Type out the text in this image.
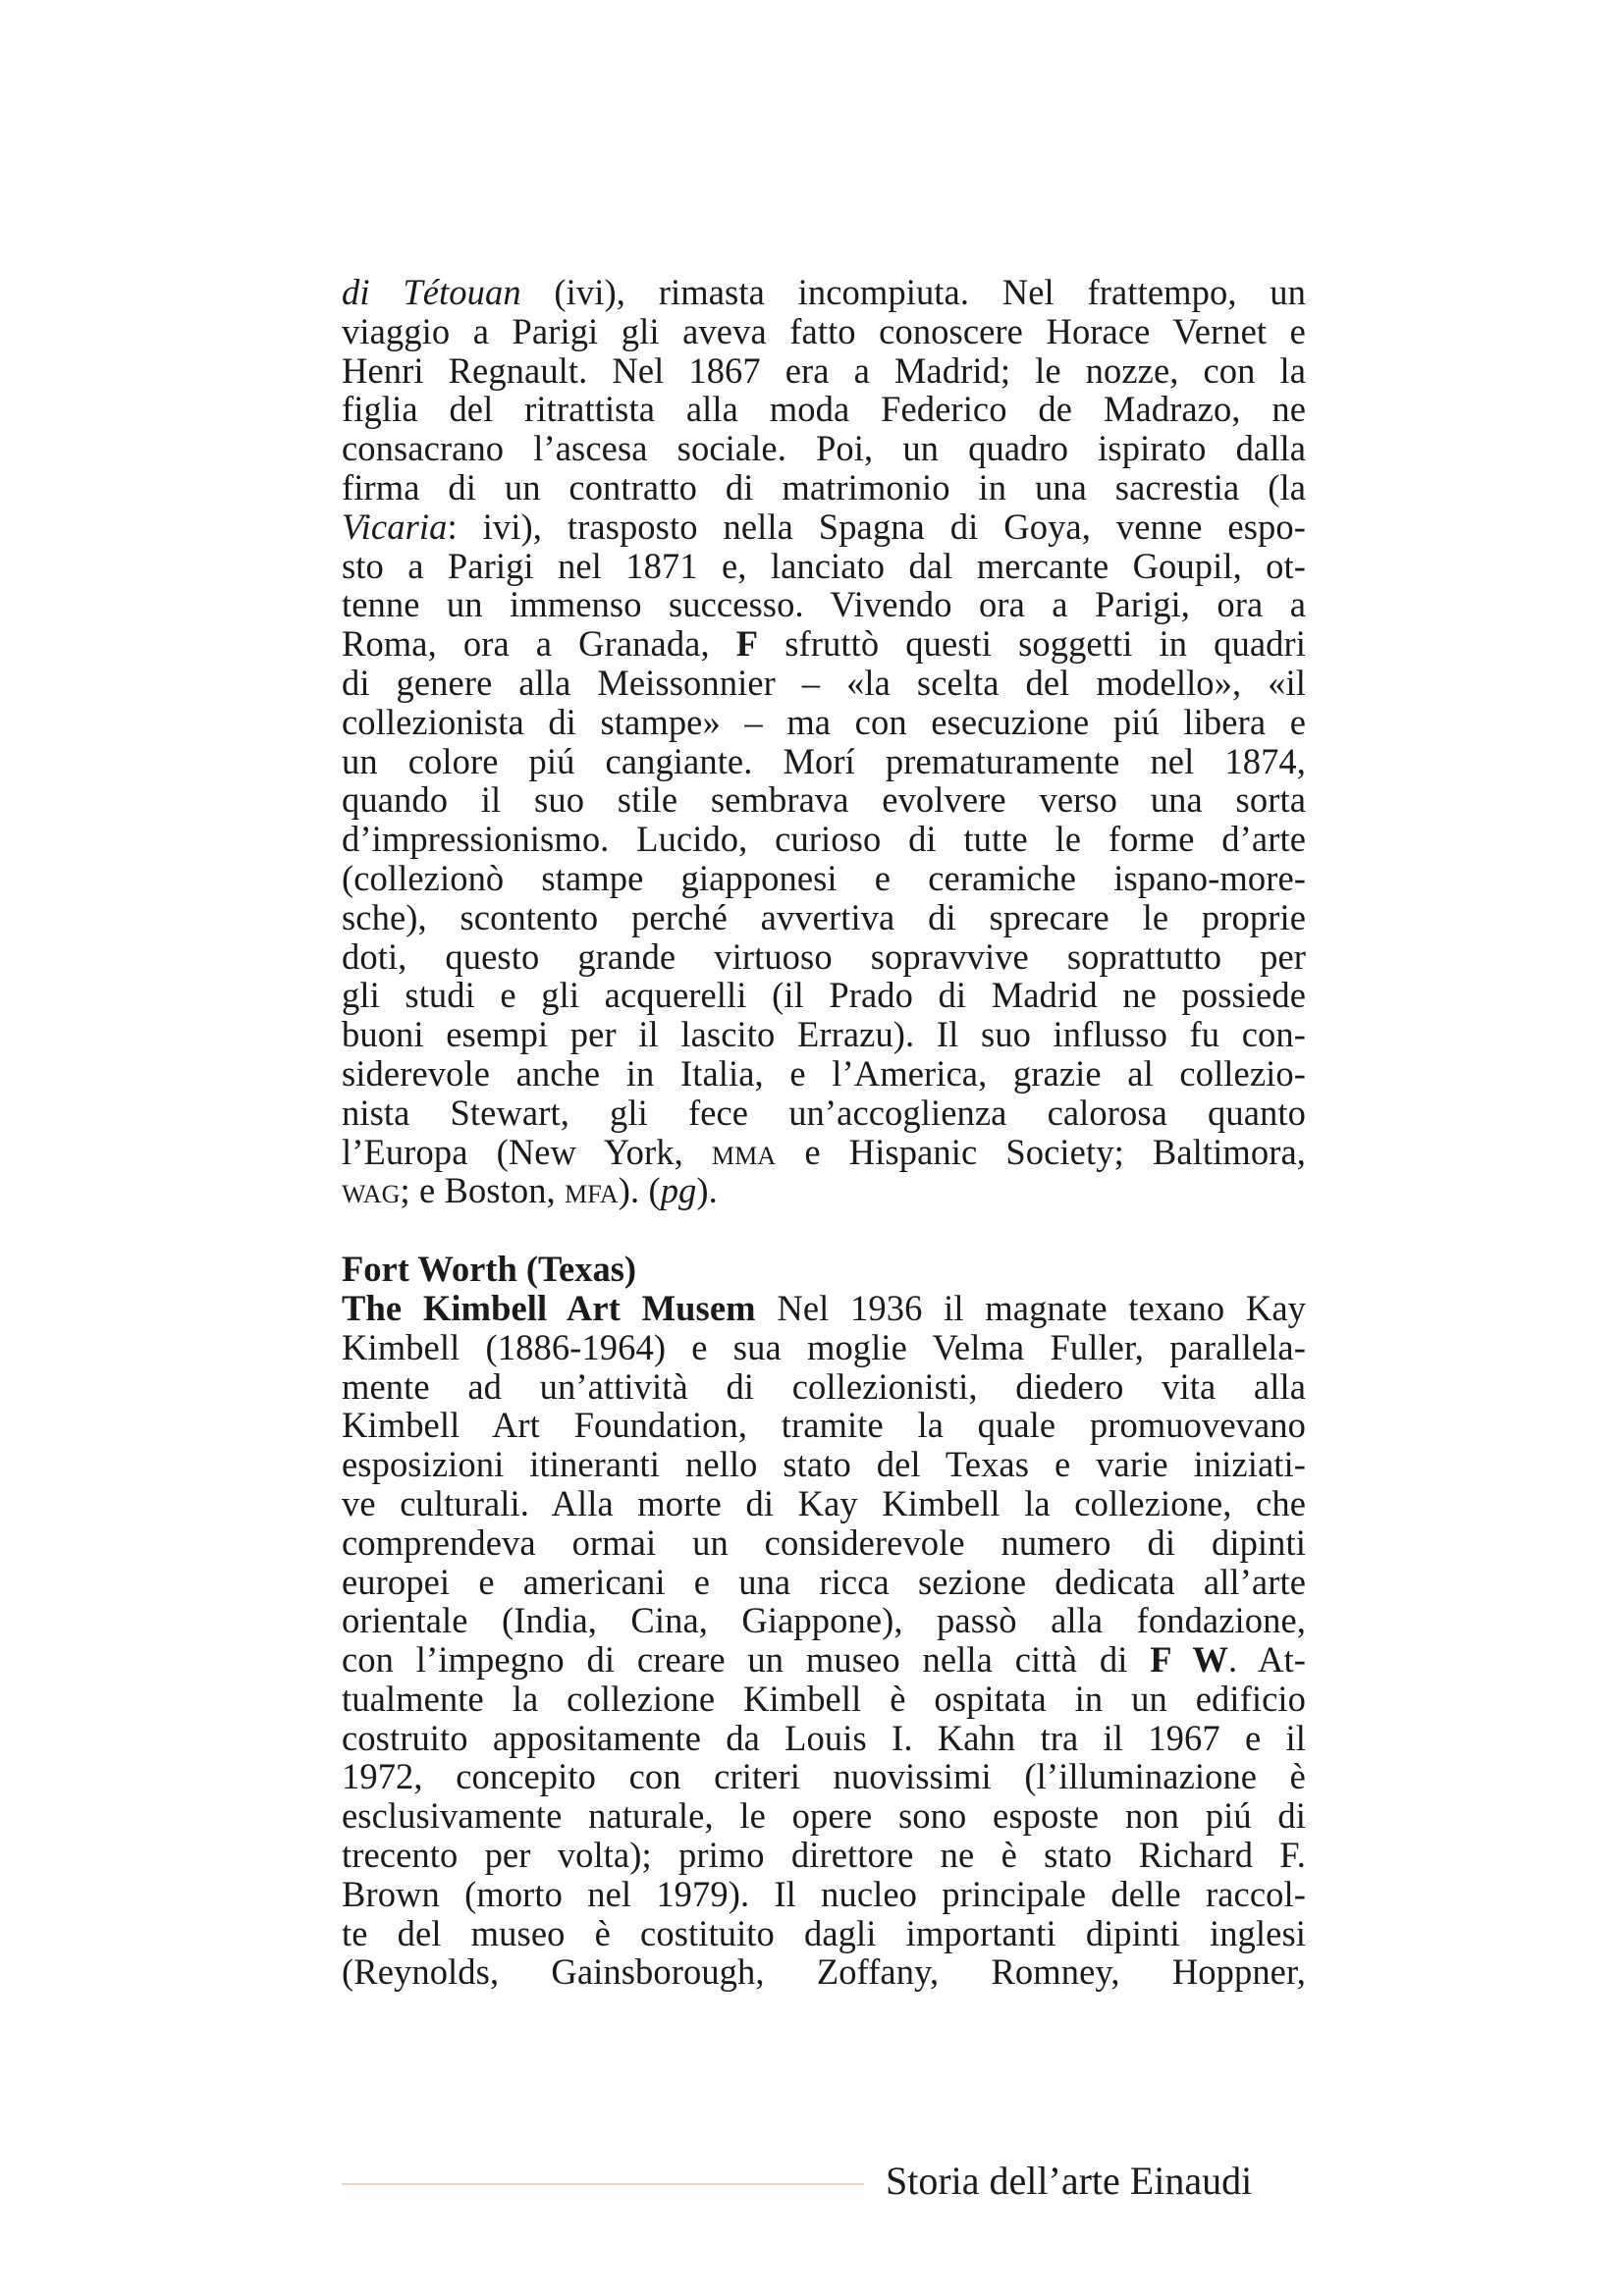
di Tétouan (ivi), rimasta incompiuta. Nel frattempo, un
viaggio a Parigi gli aveva fatto conoscere Horace Vernet e
Henri Regnault. Nel 1867 era a Madrid; le nozze, con la
figlia del ritrattista alla moda Federico de Madrazo, ne
consacrano l’ascesa sociale. Poi, un quadro ispirato dalla
firma di un contratto di matrimonio in una sacrestia (la
Vicaria: ivi), trasposto nella Spagna di Goya, venne espo-
sto a Parigi nel 1871 e, lanciato dal mercante Goupil, ot-
tenne un immenso successo. Vivendo ora a Parigi, ora a
Roma, ora a Granada, F sfruttò questi soggetti in quadri
di genere alla Meissonnier – «la scelta del modello», «il
collezionista di stampe» – ma con esecuzione piú libera e
un colore piú cangiante. Morí prematuramente nel 1874,
quando il suo stile sembrava evolvere verso una sorta
d’impressionismo. Lucido, curioso di tutte le forme d’arte
(collezionò stampe giapponesi e ceramiche ispano-more-
sche), scontento perché avvertiva di sprecare le proprie
doti, questo grande virtuoso sopravvive soprattutto per
gli studi e gli acquerelli (il Prado di Madrid ne possiede
buoni esempi per il lascito Errazu). Il suo influsso fu con-
siderevole anche in Italia, e l’America, grazie al collezio-
nista Stewart, gli fece un’accoglienza calorosa quanto
l’Europa (New York, mma e Hispanic Society; Baltimora,
wag; e Boston, mfa). (pg).
Fort Worth (Texas)
The Kimbell Art Musem Nel 1936 il magnate texano Kay
Kimbell (1886-1964) e sua moglie Velma Fuller, parallela-
mente ad un’attività di collezionisti, diedero vita alla
Kimbell Art Foundation, tramite la quale promuovevano
esposizioni itineranti nello stato del Texas e varie iniziati-
ve culturali. Alla morte di Kay Kimbell la collezione, che
comprendeva ormai un considerevole numero di dipinti
europei e americani e una ricca sezione dedicata all’arte
orientale (India, Cina, Giappone), passò alla fondazione,
con l’impegno di creare un museo nella città di F W. At-
tualmente la collezione Kimbell è ospitata in un edificio
costruito appositamente da Louis I. Kahn tra il 1967 e il
1972, concepito con criteri nuovissimi (l’illuminazione è
esclusivamente naturale, le opere sono esposte non piú di
trecento per volta); primo direttore ne è stato Richard F.
Brown (morto nel 1979). Il nucleo principale delle raccol-
te del museo è costituito dagli importanti dipinti inglesi
(Reynolds, Gainsborough, Zoffany, Romney, Hoppner,
Storia dell’arte Einaudi
